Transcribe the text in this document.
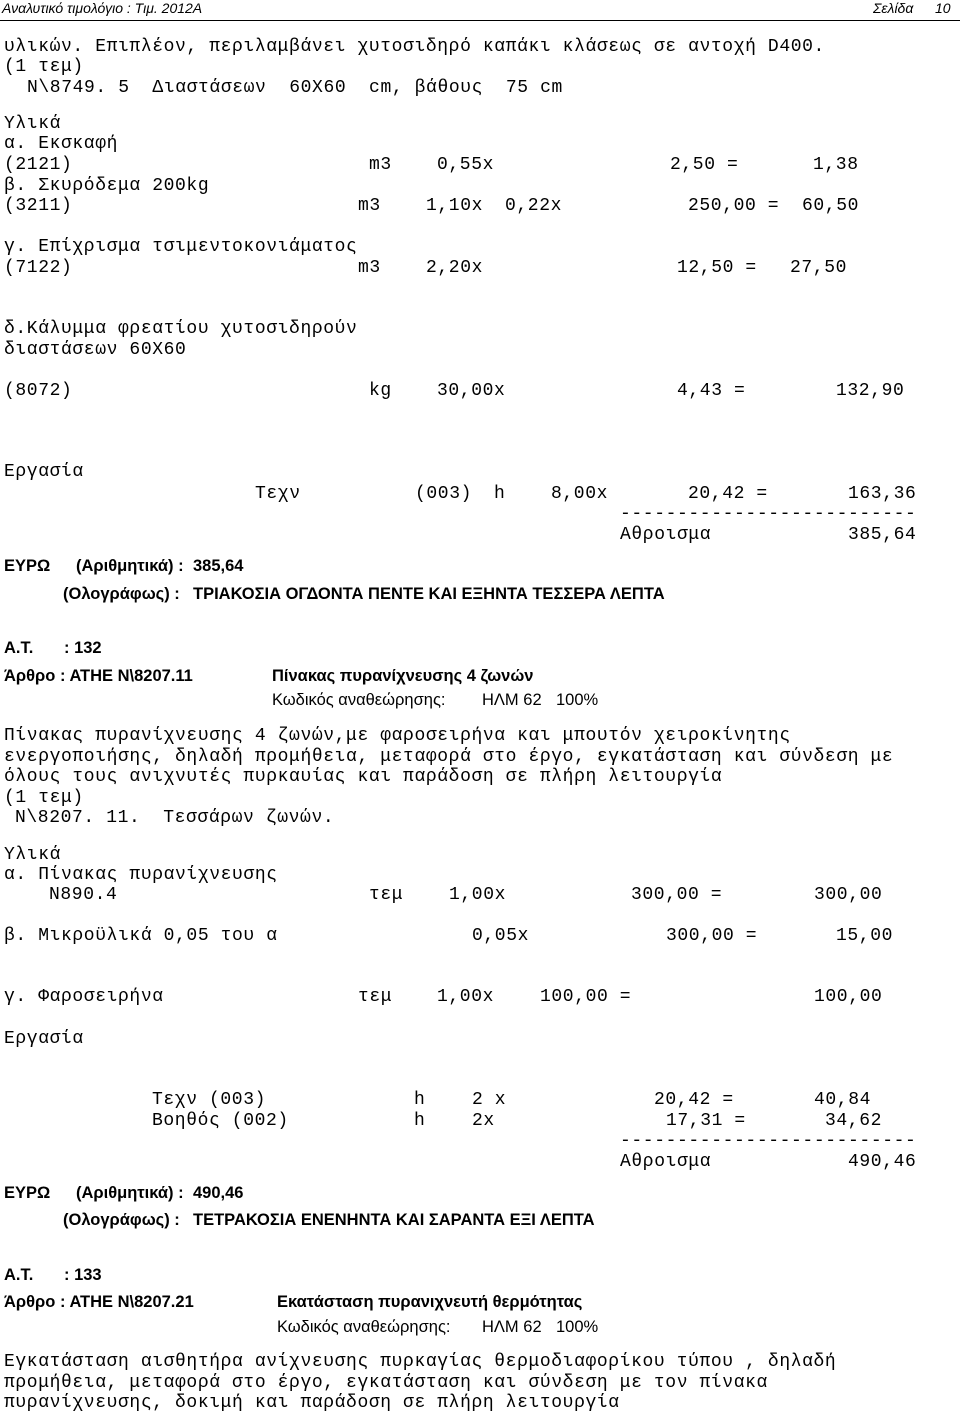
Αναλυτικό τιμολόγιο : Τιμ. 2012Α	Σελίδα 10
υλικών. Επιπλέον, περιλαμβάνει χυτοσιδηρό καπάκι κλάσεως σε αντοχή D400.
(1 τεμ)
Ν\8749. 5  Διαστάσεων  60Χ60  cm, βάθους  75 cm
Υλικά
α. Εκσκαφή
(2121)	m3	0,55x	2,50 =	1,38
β. Σκυρόδεμα 200kg
(3211)	m3	1,10x 0,22x	250,00 = 60,50
γ. Επίχρισμα τσιμεντοκονιάματος
(7122)	m3	2,20x	12,50 = 27,50
δ.Κάλυμμα φρεατίου χυτοσιδηρούν
διαστάσεων 60Χ60
(8072)	kg	30,00x	4,43 =	132,90
Εργασία
Τεχν	(003) h	8,00x	20,42 =	163,36
--------------------------
Αθροισμα	385,64
ΕΥΡΩ (Αριθμητικά) : 385,64
(Ολογράφως) : ΤΡΙΑΚΟΣΙΑ ΟΓΔΟΝΤΑ ΠΕΝΤΕ ΚΑΙ ΕΞΗΝΤΑ ΤΕΣΣΕΡΑ ΛΕΠΤΑ
Α.Τ. : 132
Άρθρο : ΑΤΗΕ Ν\8207.11	Πίνακας πυρανίχνευσης 4 ζωνών
Κωδικός αναθεώρησης: ΗΛΜ 62 100%
Πίνακας πυρανίχνευσης 4 ζωνών,με φαροσειρήνα και μπουτόν χειροκίνητης
ενεργοποιήσης, δηλαδή προμήθεια, μεταφορά στο έργο, εγκατάσταση και σύνδεση με
όλους τους ανιχνυτές πυρκαυίας και παράδοση σε πλήρη λειτουργία
(1 τεμ)
Ν\8207. 11.  Τεσσάρων ζωνών.
Υλικά
α. Πίνακας πυρανίχνευσης
Ν890.4	τεμ	1,00x	300,00 =	300,00
β. Μικροϋλικά 0,05 του α	0,05x	300,00 =	15,00
γ. Φαροσειρήνα	τεμ 1,00x	100,00 =	100,00
Εργασία
Τεχν (003)	h	2 x	20,42 =	40,84
Βοηθός (002)	h	2x	17,31 =	34,62
--------------------------
Αθροισμα	490,46
ΕΥΡΩ (Αριθμητικά) : 490,46
(Ολογράφως) : ΤΕΤΡΑΚΟΣΙΑ ΕΝΕΝΗΝΤΑ ΚΑΙ ΣΑΡΑΝΤΑ ΕΞΙ ΛΕΠΤΑ
Α.Τ. : 133
Άρθρο : ΑΤΗΕ Ν\8207.21	Εκατάσταση πυρανιχνευτή θερμότητας
Κωδικός αναθεώρησης: ΗΛΜ 62 100%
Εγκατάσταση αισθητήρα ανίχνευσης πυρκαγίας θερμοδιαφορίκου τύπου , δηλαδή
προμήθεια, μεταφορά στο έργο, εγκατάσταση και σύνδεση με τον πίνακα
πυρανίχνευσης, δοκιμή και παράδοση σε πλήρη λειτουργία
